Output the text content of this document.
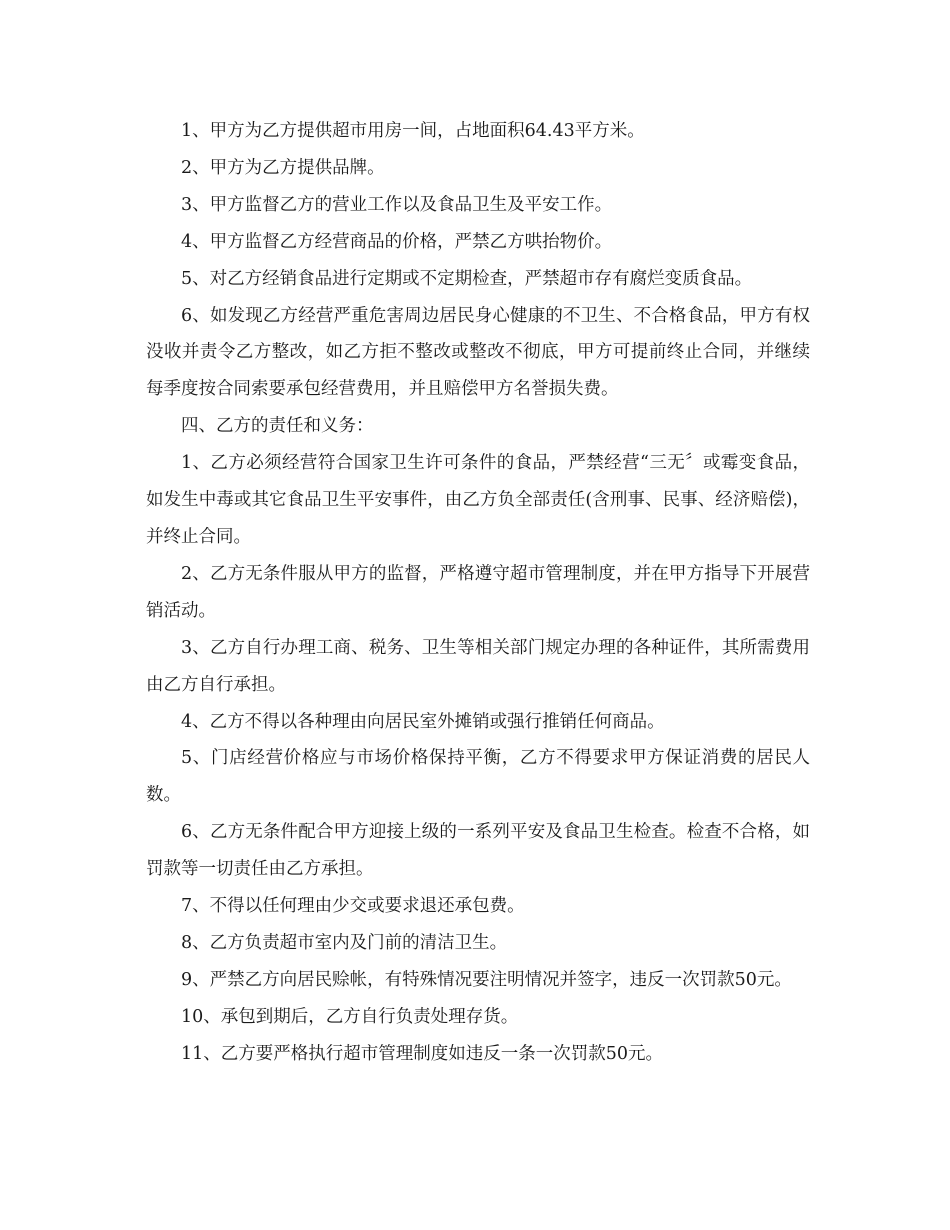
1、甲方为乙方提供超市用房一间，占地面积64.43平方米。

2、甲方为乙方提供品牌。

3、甲方监督乙方的营业工作以及食品卫生及平安工作。

4、甲方监督乙方经营商品的价格，严禁乙方哄抬物价。

5、对乙方经销食品进行定期或不定期检查，严禁超市存有腐烂变质食品。

6、如发现乙方经营严重危害周边居民身心健康的不卫生、不合格食品，甲方有权没收并责令乙方整改，如乙方拒不整改或整改不彻底，甲方可提前终止合同，并继续每季度按合同索要承包经营费用，并且赔偿甲方名誉损失费。

四、乙方的责任和义务：

1、乙方必须经营符合国家卫生许可条件的食品，严禁经营“三无〞或霉变食品，如发生中毒或其它食品卫生平安事件，由乙方负全部责任(含刑事、民事、经济赔偿)，并终止合同。

2、乙方无条件服从甲方的监督，严格遵守超市管理制度，并在甲方指导下开展营销活动。

3、乙方自行办理工商、税务、卫生等相关部门规定办理的各种证件，其所需费用由乙方自行承担。

4、乙方不得以各种理由向居民室外摊销或强行推销任何商品。

5、门店经营价格应与市场价格保持平衡，乙方不得要求甲方保证消费的居民人数。

6、乙方无条件配合甲方迎接上级的一系列平安及食品卫生检查。检查不合格，如罚款等一切责任由乙方承担。

7、不得以任何理由少交或要求退还承包费。

8、乙方负责超市室内及门前的清洁卫生。

9、严禁乙方向居民赊帐，有特殊情况要注明情况并签字，违反一次罚款50元。

10、承包到期后，乙方自行负责处理存货。

11、乙方要严格执行超市管理制度如违反一条一次罚款50元。
